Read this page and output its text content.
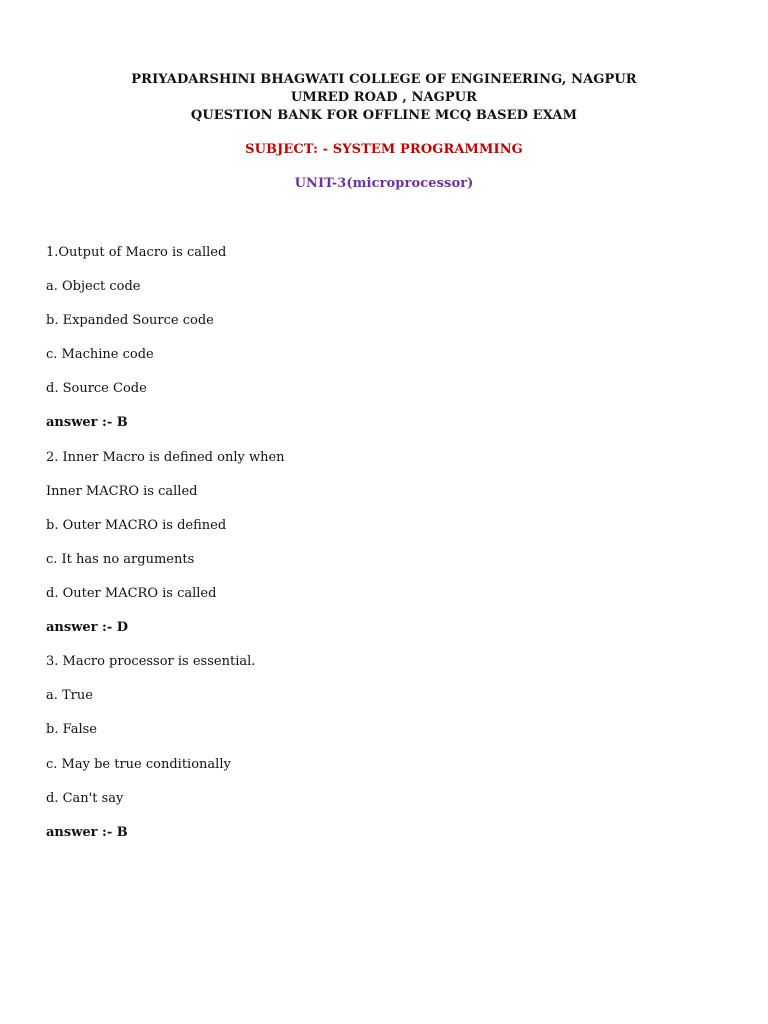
PRIYADARSHINI BHAGWATI COLLEGE OF ENGINEERING, NAGPUR
UMRED ROAD , NAGPUR
QUESTION BANK FOR OFFLINE MCQ BASED EXAM
SUBJECT: - SYSTEM PROGRAMMING
UNIT-3(microprocessor)
1.Output of Macro is called
a. Object code
b. Expanded Source code
c. Machine code
d. Source Code
answer :- B
2. Inner Macro is defined only when
Inner MACRO is called
b. Outer MACRO is defined
c. It has no arguments
d. Outer MACRO is called
answer :- D
3. Macro processor is essential.
a. True
b. False
c. May be true conditionally
d. Can't say
answer :- B
